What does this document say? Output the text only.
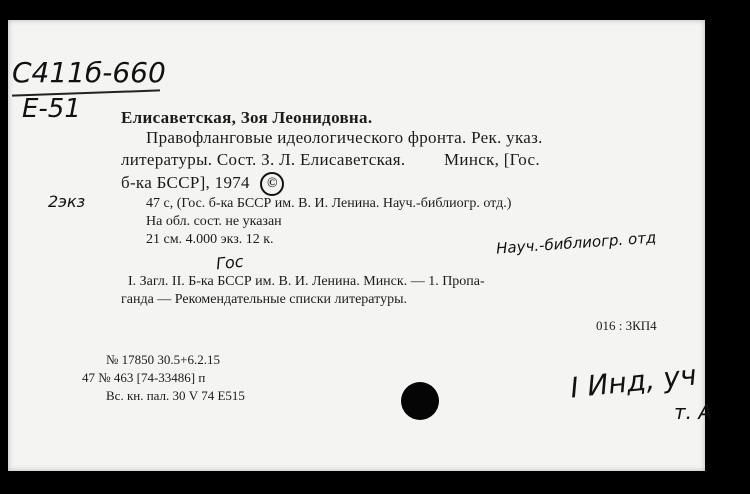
С411б-660
Е-51
2экз
Елисаветская, Зоя Леонидовна.
Правофланговые идеологического фронта. Рек. указ.
литературы. Сост. З. Л. Елисаветская. Минск, [Гос.
б-ка БССР], 1974 ©
47 с, (Гос. б-ка БССР им. В. И. Ленина. Науч.-библиогр. отд.)
На обл. сост. не указан
21 см. 4.000 экз. 12 к.	Науч.-библиогр. отд
Гос
I. Загл. II. Б-ка БССР им. В. И. Ленина. Минск. — 1. Пропа-
ганда — Рекомендательные списки литературы.
016 : 3КП4
№ 17850 30.5+6.2.15
47 № 463 [74-33486] п
Вс. кн. пал. 30 V 74 Е515	I Инд, уч
т. А
